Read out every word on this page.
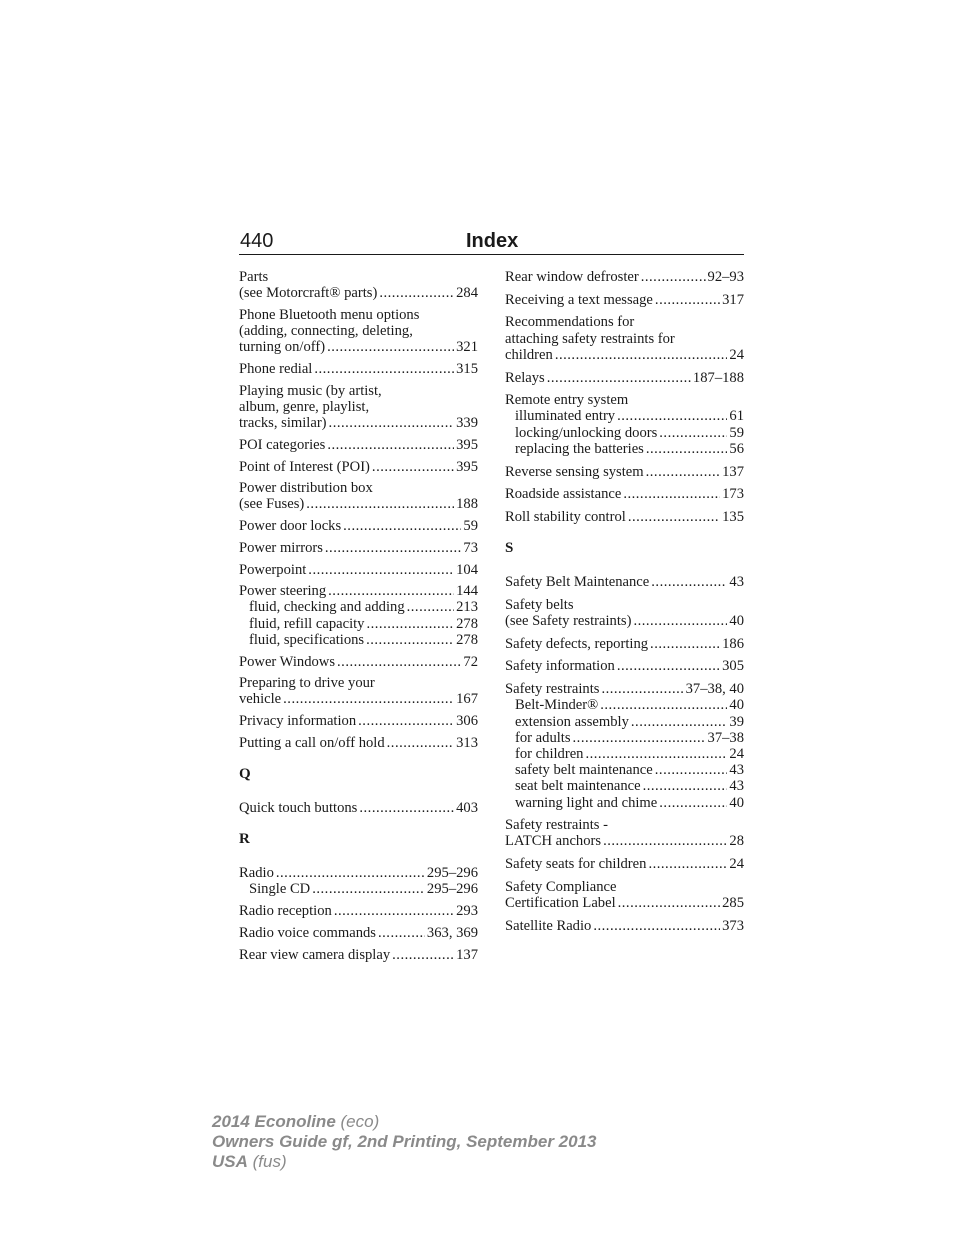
440	Index
Parts
(see Motorcraft® parts) .....	284
Phone Bluetooth menu options
(adding, connecting, deleting,
turning on/off) .....	321
Phone redial .....	315
Playing music (by artist,
album, genre, playlist,
tracks, similar) .....	339
POI categories .....	395
Point of Interest (POI) .....	395
Power distribution box
(see Fuses) .....	188
Power door locks .....	59
Power mirrors .....	73
Powerpoint .....	104
Power steering .....	144
fluid, checking and adding .....	213
fluid, refill capacity .....	278
fluid, specifications .....	278
Power Windows .....	72
Preparing to drive your
vehicle .....	167
Privacy information .....	306
Putting a call on/off hold .....	313
Q
Quick touch buttons .....	403
R
Radio .....	295–296
Single CD .....	295–296
Radio reception .....	293
Radio voice commands .....	363, 369
Rear view camera display .....	137
Rear window defroster .....	92–93
Receiving a text message .....	317
Recommendations for
attaching safety restraints for
children .....	24
Relays .....	187–188
Remote entry system
illuminated entry .....	61
locking/unlocking doors .....	59
replacing the batteries .....	56
Reverse sensing system .....	137
Roadside assistance .....	173
Roll stability control .....	135
S
Safety Belt Maintenance .....	43
Safety belts
(see Safety restraints) .....	40
Safety defects, reporting .....	186
Safety information .....	305
Safety restraints .....	37–38, 40
Belt-Minder® .....	40
extension assembly .....	39
for adults .....	37–38
for children .....	24
safety belt maintenance .....	43
seat belt maintenance .....	43
warning light and chime .....	40
Safety restraints -
LATCH anchors .....	28
Safety seats for children .....	24
Safety Compliance
Certification Label .....	285
Satellite Radio .....	373
2014 Econoline (eco)
Owners Guide gf, 2nd Printing, September 2013
USA (fus)
